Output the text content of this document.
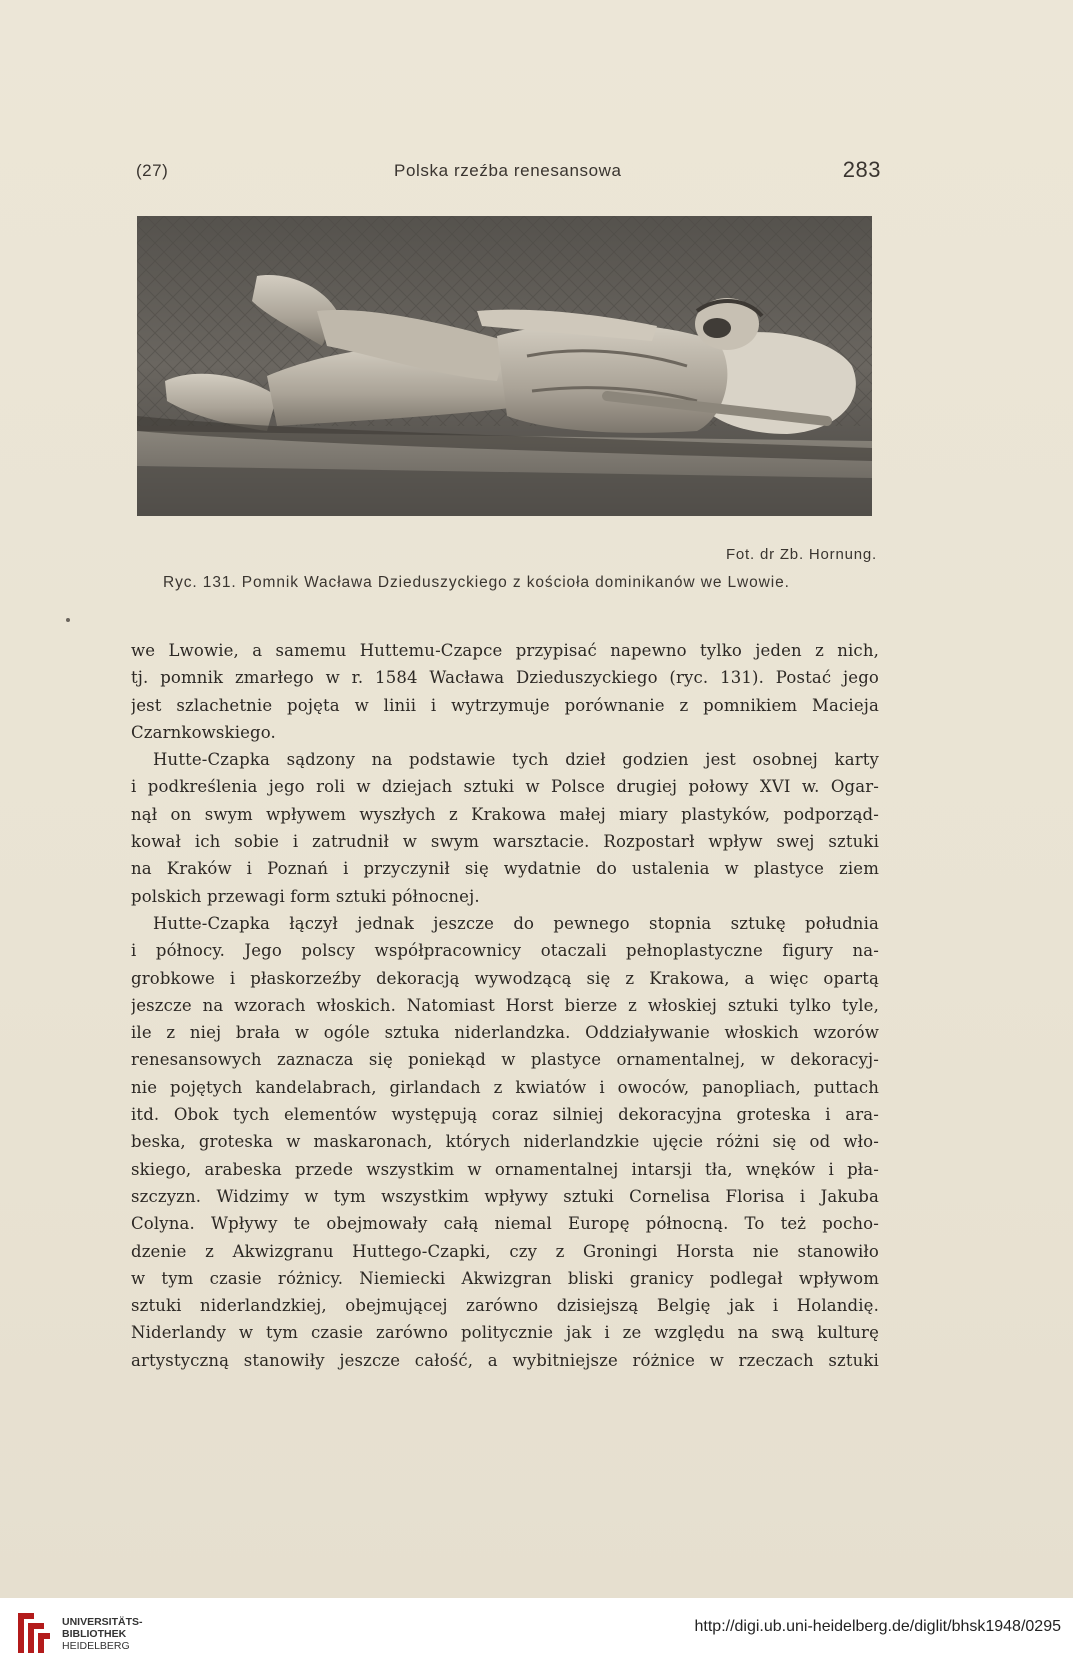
(27)	Polska rzeźba renesansowa	283
Fot. dr Zb. Hornung.
Ryc. 131. Pomnik Wacława Dzieduszyckiego z kościoła dominikanów we Lwowie.
we Lwowie, a samemu Huttemu-Czapce przypisać napewno tylko jeden z nich,
tj. pomnik zmarłego w r. 1584 Wacława Dzieduszyckiego (ryc. 131). Postać jego
jest szlachetnie pojęta w linii i wytrzymuje porównanie z pomnikiem Macieja
Czarnkowskiego.
Hutte-Czapka sądzony na podstawie tych dzieł godzien jest osobnej karty
i podkreślenia jego roli w dziejach sztuki w Polsce drugiej połowy XVI w. Ogar-
nął on swym wpływem wyszłych z Krakowa małej miary plastyków, podporząd-
kował ich sobie i zatrudnił w swym warsztacie. Rozpostarł wpływ swej sztuki
na Kraków i Poznań i przyczynił się wydatnie do ustalenia w plastyce ziem
polskich przewagi form sztuki północnej.
Hutte-Czapka łączył jednak jeszcze do pewnego stopnia sztukę południa
i północy. Jego polscy współpracownicy otaczali pełnoplastyczne figury na-
grobkowe i płaskorzeźby dekoracją wywodzącą się z Krakowa, a więc opartą
jeszcze na wzorach włoskich. Natomiast Horst bierze z włoskiej sztuki tylko tyle,
ile z niej brała w ogóle sztuka niderlandzka. Oddziaływanie włoskich wzorów
renesansowych zaznacza się poniekąd w plastyce ornamentalnej, w dekoracyj-
nie pojętych kandelabrach, girlandach z kwiatów i owoców, panopliach, puttach
itd. Obok tych elementów występują coraz silniej dekoracyjna groteska i ara-
beska, groteska w maskaronach, których niderlandzkie ujęcie różni się od wło-
skiego, arabeska przede wszystkim w ornamentalnej intarsji tła, wnęków i pła-
szczyzn. Widzimy w tym wszystkim wpływy sztuki Cornelisa Florisa i Jakuba
Colyna. Wpływy te obejmowały całą niemal Europę północną. To też pocho-
dzenie z Akwizgranu Huttego-Czapki, czy z Groningi Horsta nie stanowiło
w tym czasie różnicy. Niemiecki Akwizgran bliski granicy podlegał wpływom
sztuki niderlandzkiej, obejmującej zarówno dzisiejszą Belgię jak i Holandię.
Niderlandy w tym czasie zarówno politycznie jak i ze względu na swą kulturę
artystyczną stanowiły jeszcze całość, a wybitniejsze różnice w rzeczach sztuki
UNIVERSITÄTS-
BIBLIOTHEK
HEIDELBERG
http://digi.ub.uni-heidelberg.de/diglit/bhsk1948/0295
